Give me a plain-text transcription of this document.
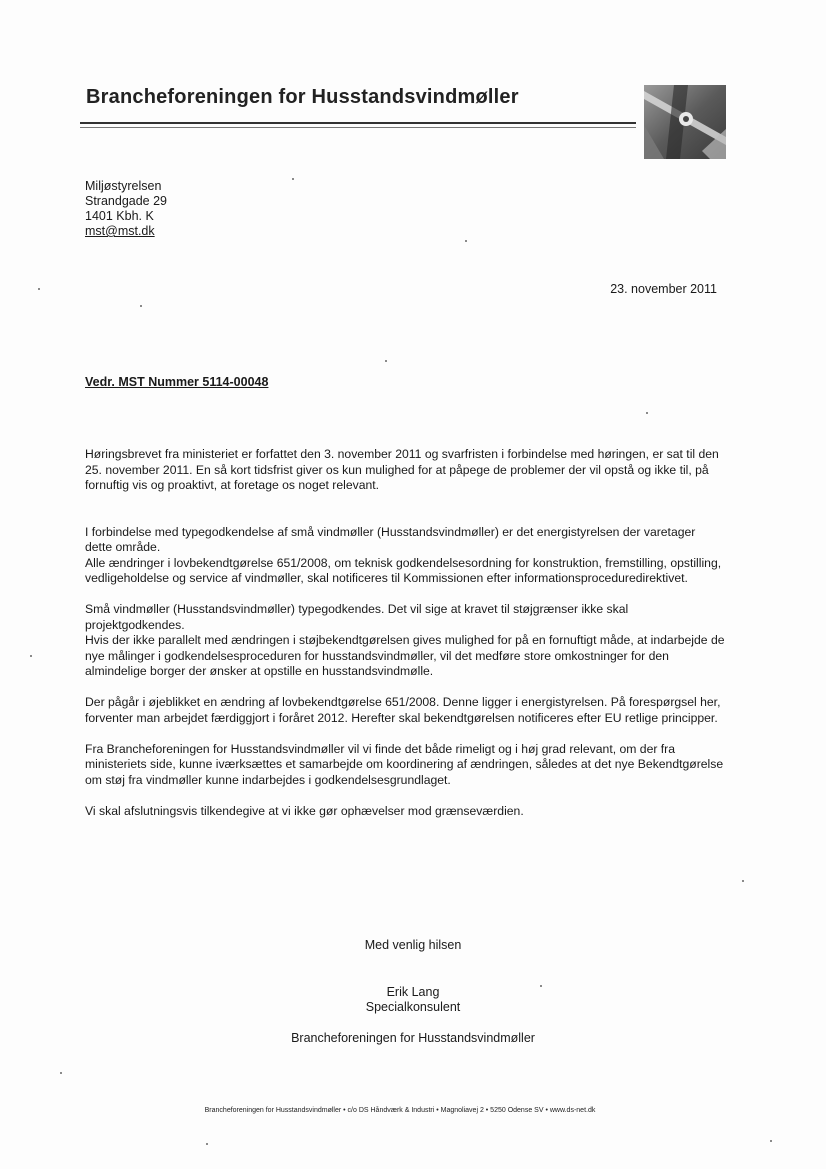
Brancheforeningen for Husstandsvindmøller
Miljøstyrelsen
Strandgade 29
1401 Kbh. K
mst@mst.dk
23. november 2011
Vedr. MST Nummer 5114-00048

Høringsbrevet fra ministeriet er forfattet den 3. november 2011 og svarfristen i forbindelse med høringen, er sat til den 25. november 2011. En så kort tidsfrist giver os kun mulighed for at påpege de problemer der vil opstå og ikke til, på fornuftig vis og proaktivt, at foretage os noget relevant.

I forbindelse med typegodkendelse af små vindmøller (Husstandsvindmøller) er det energistyrelsen der varetager dette område.

Alle ændringer i lovbekendtgørelse 651/2008, om teknisk godkendelsesordning for konstruktion, fremstilling, opstilling, vedligeholdelse og service af vindmøller, skal notificeres til Kommissionen efter informationsproceduredirektivet.

Små vindmøller (Husstandsvindmøller) typegodkendes. Det vil sige at kravet til støjgrænser ikke skal projektgodkendes.

Hvis der ikke parallelt med ændringen i støjbekendtgørelsen gives mulighed for på en fornuftigt måde, at indarbejde de nye målinger i godkendelsesproceduren for husstandsvindmøller, vil det medføre store omkostninger for den almindelige borger der ønsker at opstille en husstandsvindmølle.

Der pågår i øjeblikket en ændring af lovbekendtgørelse 651/2008. Denne ligger i energistyrelsen. På forespørgsel her, forventer man arbejdet færdiggjort i foråret 2012. Herefter skal bekendtgørelsen notificeres efter EU retlige principper.

Fra Brancheforeningen for Husstandsvindmøller vil vi finde det både rimeligt og i høj grad relevant, om der fra ministeriets side, kunne iværksættes et samarbejde om koordinering af ændringen, således at det nye Bekendtgørelse om støj fra vindmøller kunne indarbejdes i godkendelsesgrundlaget.

Vi skal afslutningsvis tilkendegive at vi ikke gør ophævelser mod grænseværdien.

Med venlig hilsen
Erik Lang
Specialkonsulent
Brancheforeningen for Husstandsvindmøller
Brancheforeningen for Husstandsvindmøller • c/o DS Håndværk & Industri • Magnoliavej 2 • 5250 Odense SV • www.ds-net.dk
